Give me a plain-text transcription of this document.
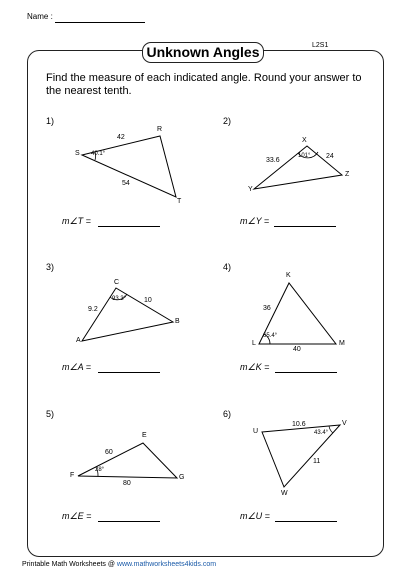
Name :
Unknown Angles	L2S1
Find the measure of each indicated angle. Round your answer to the nearest tenth.
1)
S
R
T
42
54
40.1°
m∠T =
2)
X
Y
Z
33.6
24
101°
m∠Y =
3)
C
A
B
9.2
10
93.3°
m∠A =
4)
K
L	M
36
40
65.4°
m∠K =
5)
F
E
G
60
80
28°
m∠E =
6)
U
V
W
10.6
11
43.4°
m∠U =
Printable Math Worksheets @ www.mathworksheets4kids.com
